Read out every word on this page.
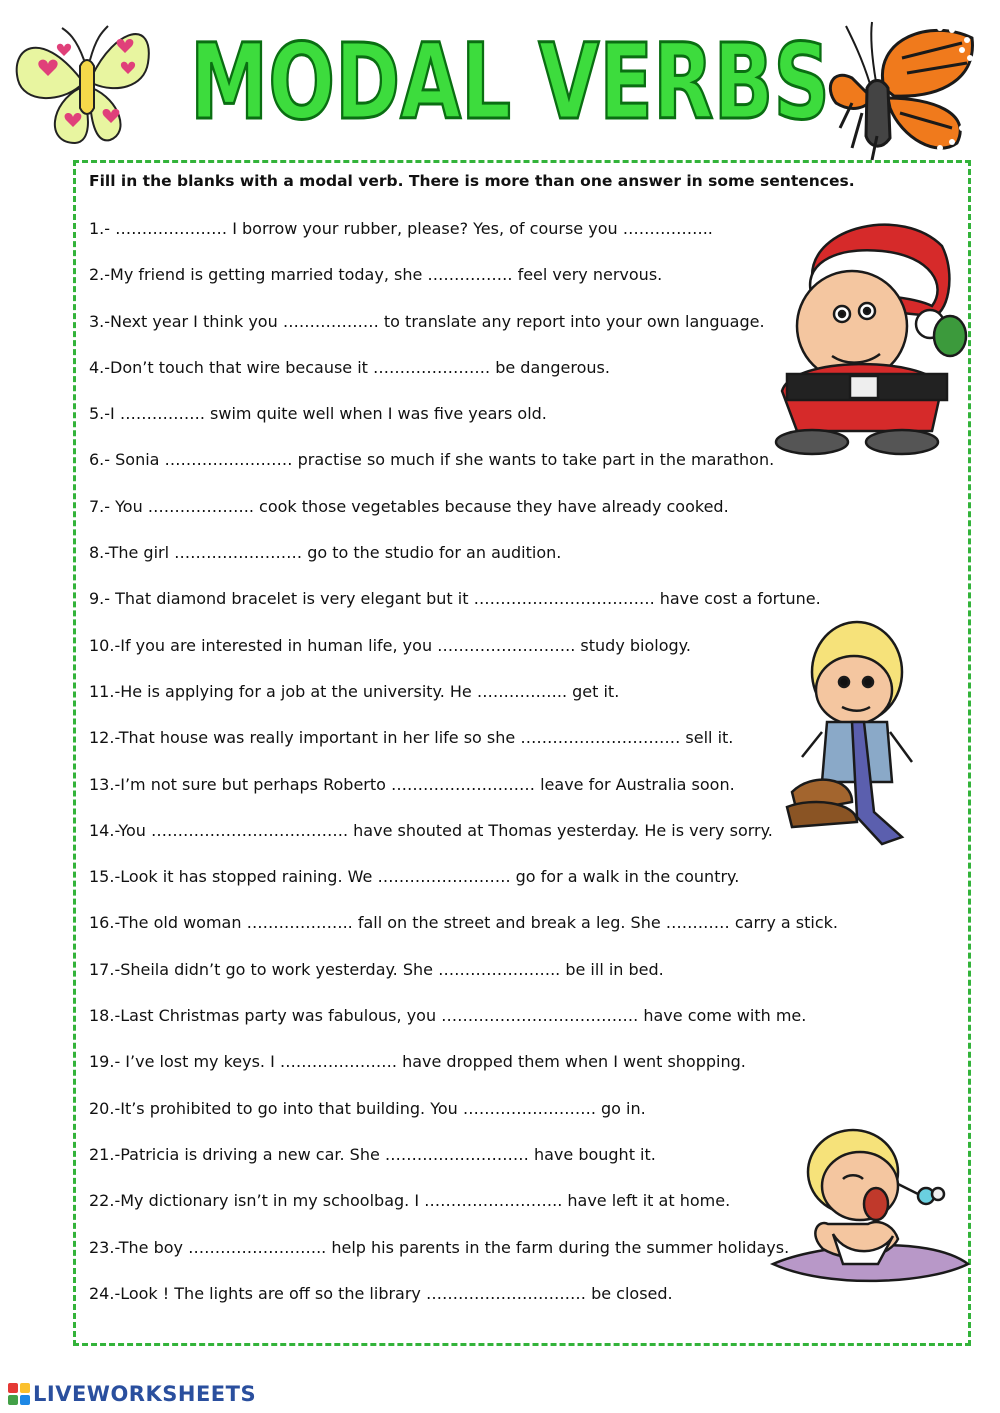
MODAL VERBS
Fill in the blanks with a modal verb. There is more than one answer in some sentences.
1.- ………………… I borrow your rubber, please? Yes, of course you ……………..
2.-My friend is getting married today, she ……………. feel very nervous.
3.-Next year I think you ……………… to translate any report into your own language.
4.-Don’t touch that wire because it …………………. be dangerous.
5.-I ……………. swim quite well when I was five years old.
6.- Sonia …………………… practise so much if she wants to take part in the marathon.
7.- You ……………….. cook those vegetables because they have already cooked.
8.-The girl …………………… go to the studio for an audition.
9.- That diamond bracelet is very elegant but it ……………………………. have cost a fortune.
10.-If you are interested in human life, you …………………….. study biology.
11.-He is applying for a job at the university. He …………….. get it.
12.-That house was really important in her life so she ………………………… sell it.
13.-I’m not sure but perhaps Roberto ……………………… leave for Australia soon.
14.-You ………………………………. have shouted at Thomas yesterday. He is very sorry.
15.-Look it has stopped raining. We ……………………. go for a walk in the country.
16.-The old woman ……………….. fall on the street and break a leg. She ………… carry a stick.
17.-Sheila didn’t go to work yesterday. She ………………….. be ill in bed.
18.-Last Christmas party was fabulous, you ………………………………. have come with me.
19.- I’ve lost my keys. I …………………. have dropped them when I went shopping.
20.-It’s prohibited to go into that building. You ……………………. go in.
21.-Patricia is driving a new car. She ……………………… have bought it.
22.-My dictionary isn’t in my schoolbag. I …………………….. have left it at home.
23.-The boy …………………….. help his parents in the farm during the summer holidays.
24.-Look ! The lights are off so the library ………………………… be closed.
LIVEWORKSHEETS
